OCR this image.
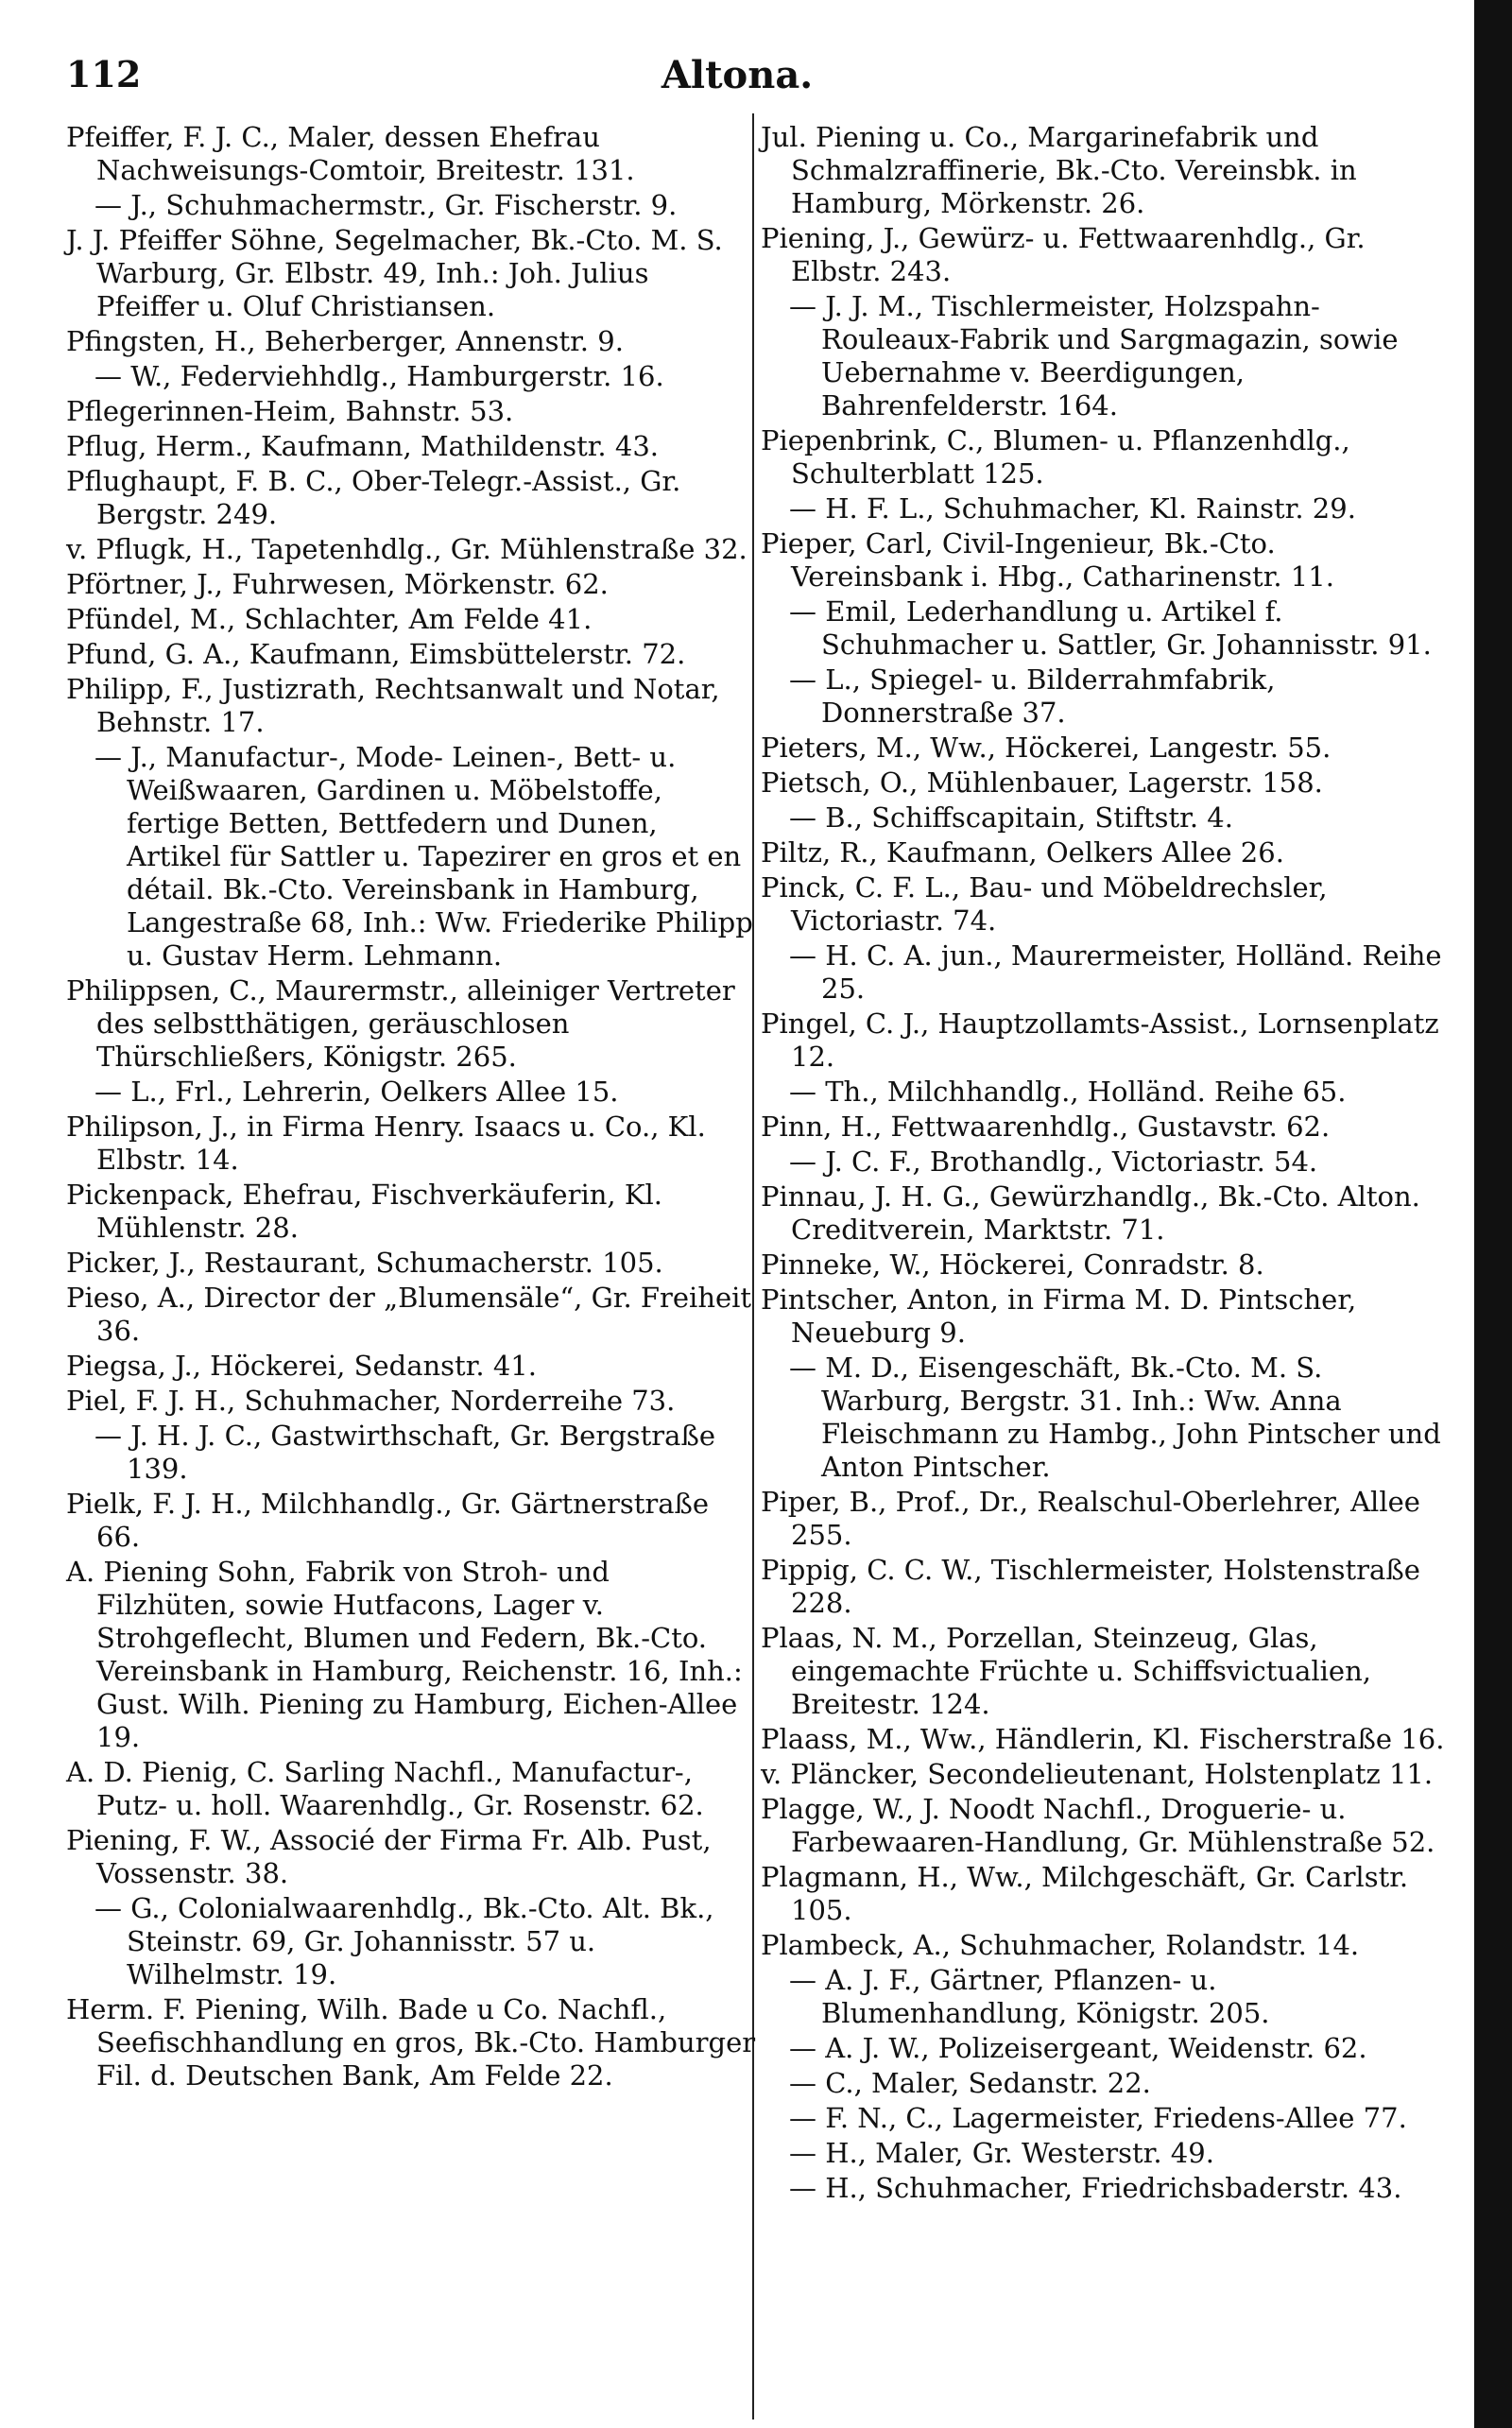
112	Altona.

Pfeiffer, F. J. C., Maler, dessen Ehefrau Nachweisungs-Comtoir, Breitestr. 131.

— J., Schuhmachermstr., Gr. Fischerstr. 9.

J. J. Pfeiffer Söhne, Segelmacher, Bk.-Cto. M. S. Warburg, Gr. Elbstr. 49, Inh.: Joh. Julius Pfeiffer u. Oluf Christiansen.

Pfingsten, H., Beherberger, Annenstr. 9.

— W., Federviehhdlg., Hamburgerstr. 16.

Pflegerinnen-Heim, Bahnstr. 53.

Pflug, Herm., Kaufmann, Mathildenstr. 43.

Pflughaupt, F. B. C., Ober-Telegr.-Assist., Gr. Bergstr. 249.

v. Pflugk, H., Tapetenhdlg., Gr. Mühlenstraße 32.

Pförtner, J., Fuhrwesen, Mörkenstr. 62.

Pfündel, M., Schlachter, Am Felde 41.

Pfund, G. A., Kaufmann, Eimsbüttelerstr. 72.

Philipp, F., Justizrath, Rechtsanwalt und Notar, Behnstr. 17.

— J., Manufactur-, Mode- Leinen-, Bett- u. Weißwaaren, Gardinen u. Möbelstoffe, fertige Betten, Bettfedern und Dunen, Artikel für Sattler u. Tapezirer en gros et en détail. Bk.-Cto. Vereinsbank in Hamburg, Langestraße 68, Inh.: Ww. Friederike Philipp u. Gustav Herm. Lehmann.

Philippsen, C., Maurermstr., alleiniger Vertreter des selbstthätigen, geräuschlosen Thürschließers, Königstr. 265.

— L., Frl., Lehrerin, Oelkers Allee 15.

Philipson, J., in Firma Henry. Isaacs u. Co., Kl. Elbstr. 14.

Pickenpack, Ehefrau, Fischverkäuferin, Kl. Mühlenstr. 28.

Picker, J., Restaurant, Schumacherstr. 105.

Pieso, A., Director der „Blumensäle“, Gr. Freiheit 36.

Piegsa, J., Höckerei, Sedanstr. 41.

Piel, F. J. H., Schuhmacher, Norderreihe 73.

— J. H. J. C., Gastwirthschaft, Gr. Bergstraße 139.

Pielk, F. J. H., Milchhandlg., Gr. Gärtnerstraße 66.

A. Piening Sohn, Fabrik von Stroh- und Filzhüten, sowie Hutfacons, Lager v. Strohgeflecht, Blumen und Federn, Bk.-Cto. Vereinsbank in Hamburg, Reichenstr. 16, Inh.: Gust. Wilh. Piening zu Hamburg, Eichen-Allee 19.

A. D. Pienig, C. Sarling Nachfl., Manufactur-, Putz- u. holl. Waarenhdlg., Gr. Rosenstr. 62.

Piening, F. W., Associé der Firma Fr. Alb. Pust, Vossenstr. 38.

— G., Colonialwaarenhdlg., Bk.-Cto. Alt. Bk., Steinstr. 69, Gr. Johannisstr. 57 u. Wilhelmstr. 19.

Herm. F. Piening, Wilh. Bade u Co. Nachfl., Seefischhandlung en gros, Bk.-Cto. Hamburger Fil. d. Deutschen Bank, Am Felde 22.

Jul. Piening u. Co., Margarinefabrik und Schmalzraffinerie, Bk.-Cto. Vereinsbk. in Hamburg, Mörkenstr. 26.

Piening, J., Gewürz- u. Fettwaarenhdlg., Gr. Elbstr. 243.

— J. J. M., Tischlermeister, Holzspahn-Rouleaux-Fabrik und Sargmagazin, sowie Uebernahme v. Beerdigungen, Bahrenfelderstr. 164.

Piepenbrink, C., Blumen- u. Pflanzenhdlg., Schulterblatt 125.

— H. F. L., Schuhmacher, Kl. Rainstr. 29.

Pieper, Carl, Civil-Ingenieur, Bk.-Cto. Vereinsbank i. Hbg., Catharinenstr. 11.

— Emil, Lederhandlung u. Artikel f. Schuhmacher u. Sattler, Gr. Johannisstr. 91.

— L., Spiegel- u. Bilderrahmfabrik, Donnerstraße 37.

Pieters, M., Ww., Höckerei, Langestr. 55.

Pietsch, O., Mühlenbauer, Lagerstr. 158.

— B., Schiffscapitain, Stiftstr. 4.

Piltz, R., Kaufmann, Oelkers Allee 26.

Pinck, C. F. L., Bau- und Möbeldrechsler, Victoriastr. 74.

— H. C. A. jun., Maurermeister, Holländ. Reihe 25.

Pingel, C. J., Hauptzollamts-Assist., Lornsenplatz 12.

— Th., Milchhandlg., Holländ. Reihe 65.

Pinn, H., Fettwaarenhdlg., Gustavstr. 62.

— J. C. F., Brothandlg., Victoriastr. 54.

Pinnau, J. H. G., Gewürzhandlg., Bk.-Cto. Alton. Creditverein, Marktstr. 71.

Pinneke, W., Höckerei, Conradstr. 8.

Pintscher, Anton, in Firma M. D. Pintscher, Neueburg 9.

— M. D., Eisengeschäft, Bk.-Cto. M. S. Warburg, Bergstr. 31. Inh.: Ww. Anna Fleischmann zu Hambg., John Pintscher und Anton Pintscher.

Piper, B., Prof., Dr., Realschul-Oberlehrer, Allee 255.

Pippig, C. C. W., Tischlermeister, Holstenstraße 228.

Plaas, N. M., Porzellan, Steinzeug, Glas, eingemachte Früchte u. Schiffsvictualien, Breitestr. 124.

Plaass, M., Ww., Händlerin, Kl. Fischerstraße 16.

v. Pläncker, Secondelieutenant, Holstenplatz 11.

Plagge, W., J. Noodt Nachfl., Droguerie- u. Farbewaaren-Handlung, Gr. Mühlenstraße 52.

Plagmann, H., Ww., Milchgeschäft, Gr. Carlstr. 105.

Plambeck, A., Schuhmacher, Rolandstr. 14.

— A. J. F., Gärtner, Pflanzen- u. Blumenhandlung, Königstr. 205.

— A. J. W., Polizeisergeant, Weidenstr. 62.

— C., Maler, Sedanstr. 22.

— F. N., C., Lagermeister, Friedens-Allee 77.

— H., Maler, Gr. Westerstr. 49.

— H., Schuhmacher, Friedrichsbaderstr. 43.
